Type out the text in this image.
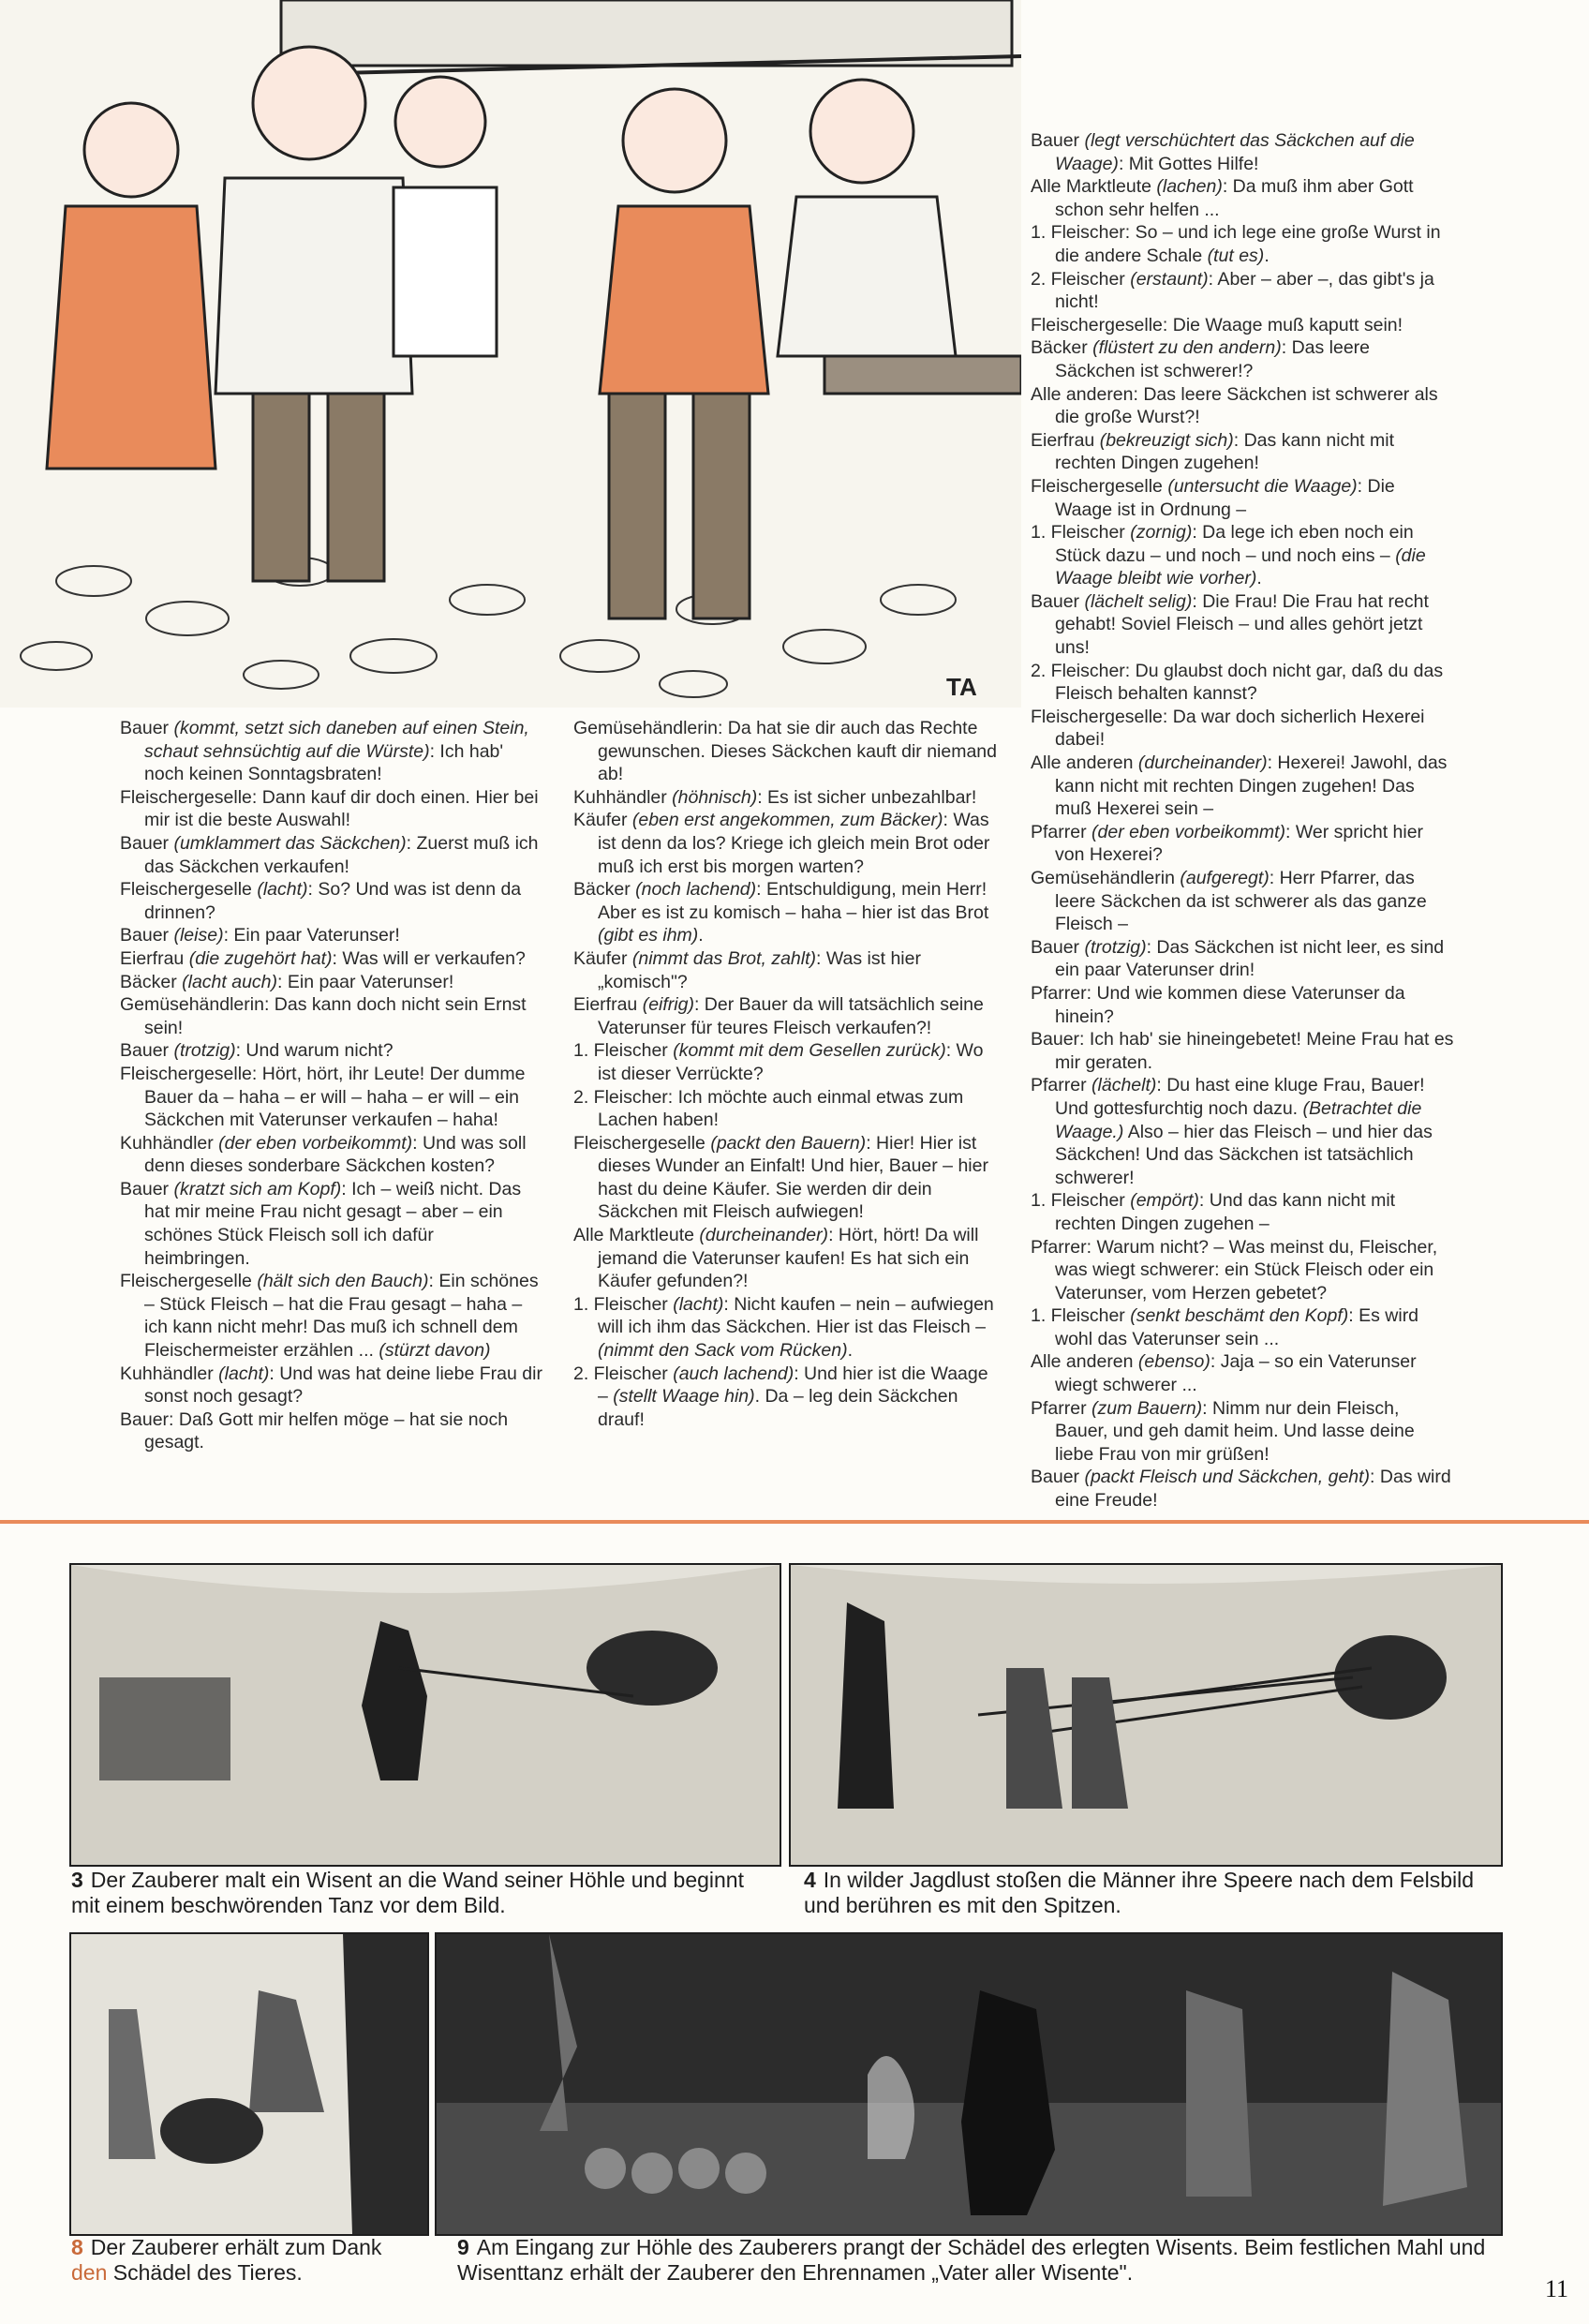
TA

Bauer (kommt, setzt sich daneben auf einen Stein, schaut sehnsüchtig auf die Würste): Ich hab' noch keinen Sonntagsbraten!

Fleischergeselle: Dann kauf dir doch einen. Hier bei mir ist die beste Auswahl!

Bauer (umklammert das Säckchen): Zuerst muß ich das Säckchen verkaufen!

Fleischergeselle (lacht): So? Und was ist denn da drinnen?

Bauer (leise): Ein paar Vaterunser!

Eierfrau (die zugehört hat): Was will er verkaufen?

Bäcker (lacht auch): Ein paar Vaterunser!

Gemüsehändlerin: Das kann doch nicht sein Ernst sein!

Bauer (trotzig): Und warum nicht?

Fleischergeselle: Hört, hört, ihr Leute! Der dumme Bauer da – haha – er will – haha – er will – ein Säckchen mit Vaterunser verkaufen – haha!

Kuhhändler (der eben vorbeikommt): Und was soll denn dieses sonderbare Säckchen kosten?

Bauer (kratzt sich am Kopf): Ich – weiß nicht. Das hat mir meine Frau nicht gesagt – aber – ein schönes Stück Fleisch soll ich dafür heimbringen.

Fleischergeselle (hält sich den Bauch): Ein schönes – Stück Fleisch – hat die Frau gesagt – haha – ich kann nicht mehr! Das muß ich schnell dem Fleischermeister erzählen ... (stürzt davon)

Kuhhändler (lacht): Und was hat deine liebe Frau dir sonst noch gesagt?

Bauer: Daß Gott mir helfen möge – hat sie noch gesagt.

Gemüsehändlerin: Da hat sie dir auch das Rechte gewunschen. Dieses Säckchen kauft dir niemand ab!

Kuhhändler (höhnisch): Es ist sicher unbezahlbar!

Käufer (eben erst angekommen, zum Bäcker): Was ist denn da los? Kriege ich gleich mein Brot oder muß ich erst bis morgen warten?

Bäcker (noch lachend): Entschuldigung, mein Herr! Aber es ist zu komisch – haha – hier ist das Brot (gibt es ihm).

Käufer (nimmt das Brot, zahlt): Was ist hier „komisch"?

Eierfrau (eifrig): Der Bauer da will tatsächlich seine Vaterunser für teures Fleisch verkaufen?!

1. Fleischer (kommt mit dem Gesellen zurück): Wo ist dieser Verrückte?

2. Fleischer: Ich möchte auch einmal etwas zum Lachen haben!

Fleischergeselle (packt den Bauern): Hier! Hier ist dieses Wunder an Einfalt! Und hier, Bauer – hier hast du deine Käufer. Sie werden dir dein Säckchen mit Fleisch aufwiegen!

Alle Marktleute (durcheinander): Hört, hört! Da will jemand die Vaterunser kaufen! Es hat sich ein Käufer gefunden?!

1. Fleischer (lacht): Nicht kaufen – nein – aufwiegen will ich ihm das Säckchen. Hier ist das Fleisch – (nimmt den Sack vom Rücken).

2. Fleischer (auch lachend): Und hier ist die Waage – (stellt Waage hin). Da – leg dein Säckchen drauf!

Bauer (legt verschüchtert das Säckchen auf die Waage): Mit Gottes Hilfe!

Alle Marktleute (lachen): Da muß ihm aber Gott schon sehr helfen ...

1. Fleischer: So – und ich lege eine große Wurst in die andere Schale (tut es).

2. Fleischer (erstaunt): Aber – aber –, das gibt's ja nicht!

Fleischergeselle: Die Waage muß kaputt sein!

Bäcker (flüstert zu den andern): Das leere Säckchen ist schwerer!?

Alle anderen: Das leere Säckchen ist schwerer als die große Wurst?!

Eierfrau (bekreuzigt sich): Das kann nicht mit rechten Dingen zugehen!

Fleischergeselle (untersucht die Waage): Die Waage ist in Ordnung –

1. Fleischer (zornig): Da lege ich eben noch ein Stück dazu – und noch – und noch eins – (die Waage bleibt wie vorher).

Bauer (lächelt selig): Die Frau! Die Frau hat recht gehabt! Soviel Fleisch – und alles gehört jetzt uns!

2. Fleischer: Du glaubst doch nicht gar, daß du das Fleisch behalten kannst?

Fleischergeselle: Da war doch sicherlich Hexerei dabei!

Alle anderen (durcheinander): Hexerei! Jawohl, das kann nicht mit rechten Dingen zugehen! Das muß Hexerei sein –

Pfarrer (der eben vorbeikommt): Wer spricht hier von Hexerei?

Gemüsehändlerin (aufgeregt): Herr Pfarrer, das leere Säckchen da ist schwerer als das ganze Fleisch –

Bauer (trotzig): Das Säckchen ist nicht leer, es sind ein paar Vaterunser drin!

Pfarrer: Und wie kommen diese Vaterunser da hinein?

Bauer: Ich hab' sie hineingebetet! Meine Frau hat es mir geraten.

Pfarrer (lächelt): Du hast eine kluge Frau, Bauer! Und gottesfurchtig noch dazu. (Betrachtet die Waage.) Also – hier das Fleisch – und hier das Säckchen! Und das Säckchen ist tatsächlich schwerer!

1. Fleischer (empört): Und das kann nicht mit rechten Dingen zugehen –

Pfarrer: Warum nicht? – Was meinst du, Fleischer, was wiegt schwerer: ein Stück Fleisch oder ein Vaterunser, vom Herzen gebetet?

1. Fleischer (senkt beschämt den Kopf): Es wird wohl das Vaterunser sein ...

Alle anderen (ebenso): Jaja – so ein Vaterunser wiegt schwerer ...

Pfarrer (zum Bauern): Nimm nur dein Fleisch, Bauer, und geh damit heim. Und lasse deine liebe Frau von mir grüßen!

Bauer (packt Fleisch und Säckchen, geht): Das wird eine Freude!

3 Der Zauberer malt ein Wisent an die Wand seiner Höhle und beginnt mit einem beschwörenden Tanz vor dem Bild.
4 In wilder Jagdlust stoßen die Männer ihre Speere nach dem Felsbild und berühren es mit den Spitzen.
8 Der Zauberer erhält zum Dank
den Schädel des Tieres.
9 Am Eingang zur Höhle des Zauberers prangt der Schädel des erlegten Wisents. Beim festlichen Mahl und Wisenttanz erhält der Zauberer den Ehrennamen „Vater aller Wisente".
11
